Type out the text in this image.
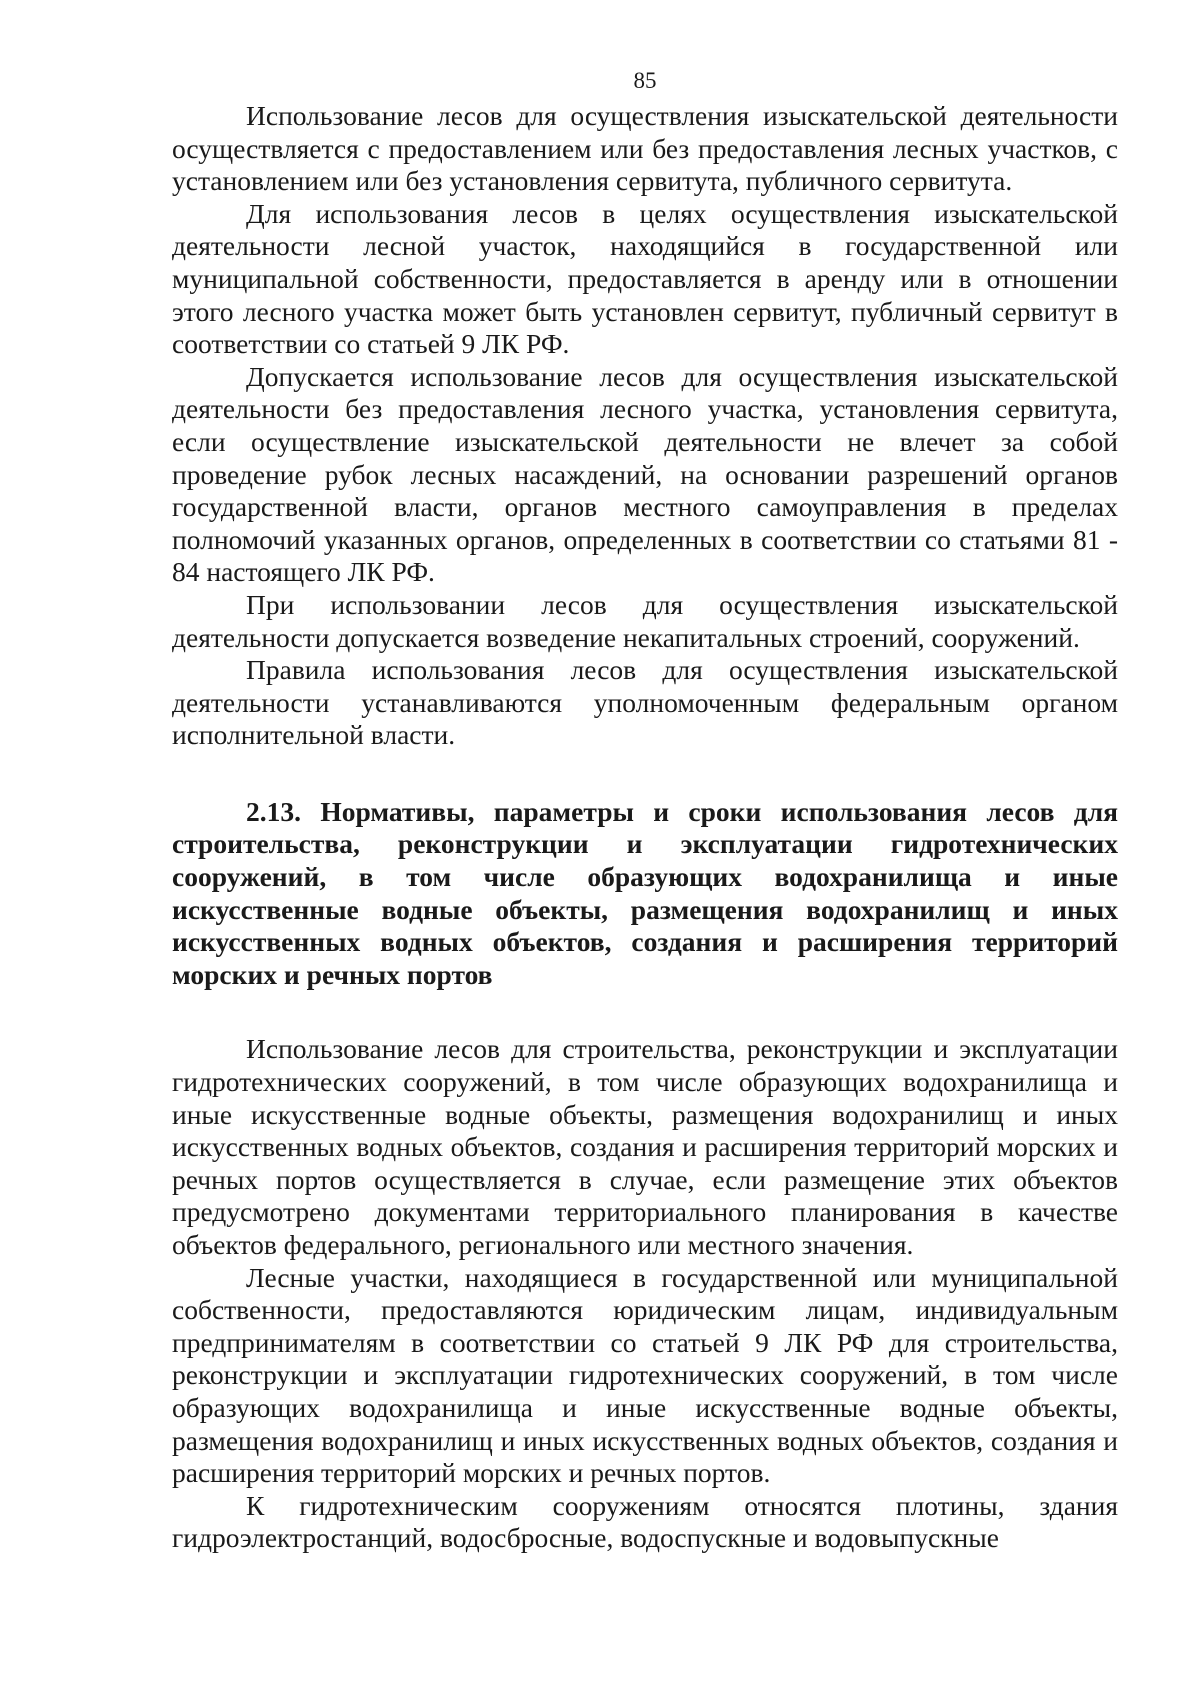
85

Использование лесов для осуществления изыскательской деятельности осуществляется с предоставлением или без предоставления лесных участков, с установлением или без установления сервитута, публичного сервитута.

Для использования лесов в целях осуществления изыскательской деятельности лесной участок, находящийся в государственной или муниципальной собственности, предоставляется в аренду или в отношении этого лесного участка может быть установлен сервитут, публичный сервитут в соответствии со статьей 9 ЛК РФ.

Допускается использование лесов для осуществления изыскательской деятельности без предоставления лесного участка, установления сервитута, если осуществление изыскательской деятельности не влечет за собой проведение рубок лесных насаждений, на основании разрешений органов государственной власти, органов местного самоуправления в пределах полномочий указанных органов, определенных в соответствии со статьями 81 - 84 настоящего ЛК РФ.

При использовании лесов для осуществления изыскательской деятельности допускается возведение некапитальных строений, сооружений.

Правила использования лесов для осуществления изыскательской деятельности устанавливаются уполномоченным федеральным органом исполнительной власти.

2.13. Нормативы, параметры и сроки использования лесов для строительства, реконструкции и эксплуатации гидротехнических сооружений, в том числе образующих водохранилища и иные искусственные водные объекты, размещения водохранилищ и иных искусственных водных объектов, создания и расширения территорий морских и речных портов

Использование лесов для строительства, реконструкции и эксплуатации гидротехнических сооружений, в том числе образующих водохранилища и иные искусственные водные объекты, размещения водохранилищ и иных искусственных водных объектов, создания и расширения территорий морских и речных портов осуществляется в случае, если размещение этих объектов предусмотрено документами территориального планирования в качестве объектов федерального, регионального или местного значения.

Лесные участки, находящиеся в государственной или муниципальной собственности, предоставляются юридическим лицам, индивидуальным предпринимателям в соответствии со статьей 9 ЛК РФ для строительства, реконструкции и эксплуатации гидротехнических сооружений, в том числе образующих водохранилища и иные искусственные водные объекты, размещения водохранилищ и иных искусственных водных объектов, создания и расширения территорий морских и речных портов.

К гидротехническим сооружениям относятся плотины, здания гидроэлектростанций, водосбросные, водоспускные и водовыпускные
